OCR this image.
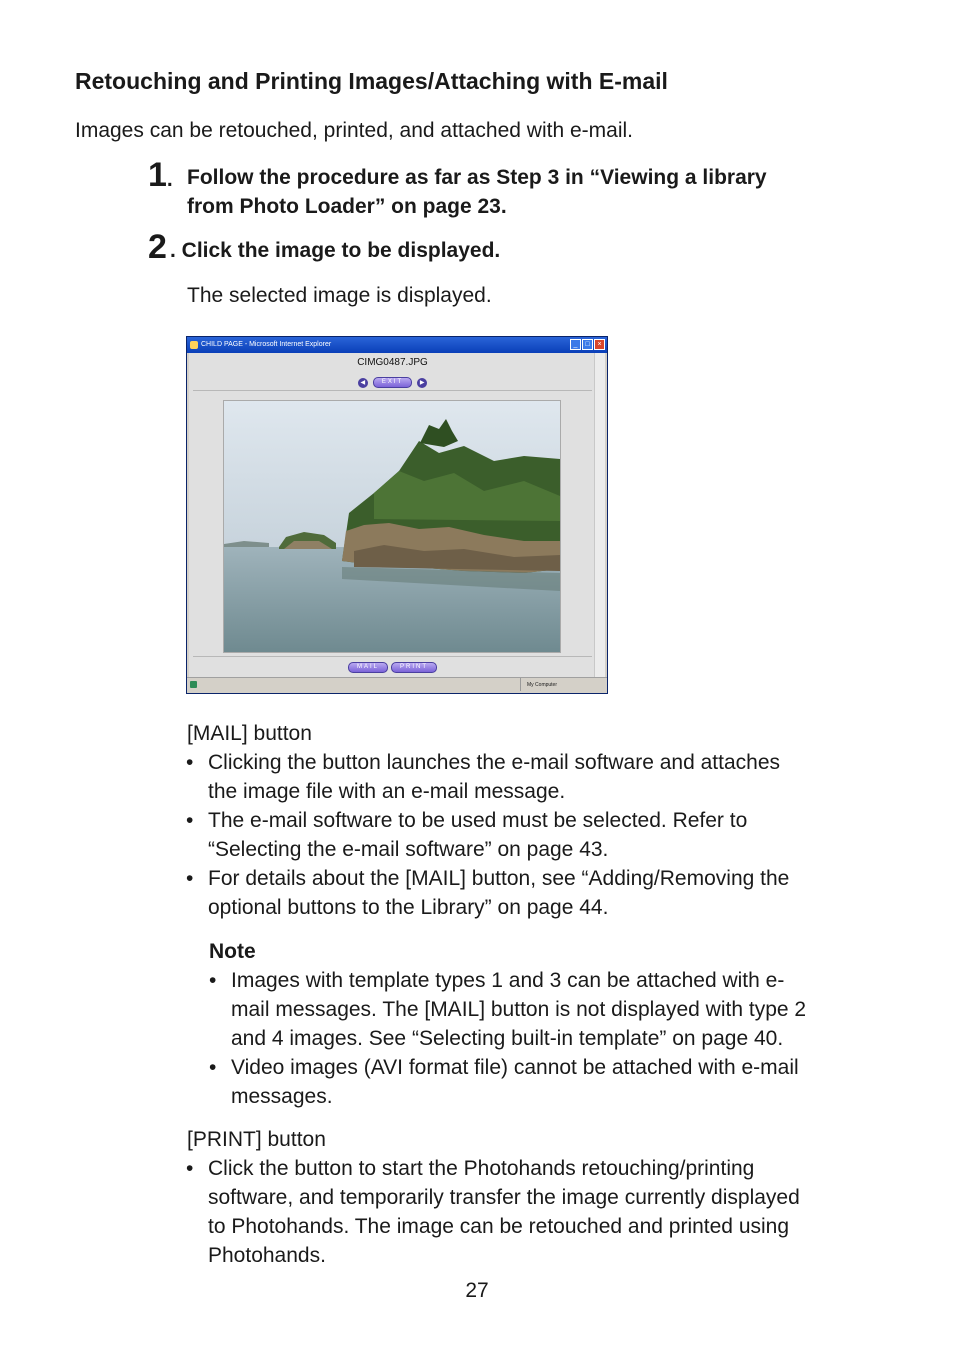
Retouching and Printing Images/Attaching with E-mail
Images can be retouched, printed, and attached with e-mail.
1. Follow the procedure as far as Step 3 in “Viewing a library
from Photo Loader” on page 23.
2 . Click the image to be displayed.
The selected image is displayed.
CHILD PAGE - Microsoft Internet Explorer	_	□	×
CIMG0487.JPG
◀	EXIT	▶
MAIL	PRINT
My Computer
[MAIL] button
• Clicking the button launches the e-mail software and attaches
the image file with an e-mail message.
• The e-mail software to be used must be selected. Refer to
“Selecting the e-mail software” on page 43.
• For details about the [MAIL] button, see “Adding/Removing the
optional buttons to the Library” on page 44.
Note
• Images with template types 1 and 3 can be attached with e-
mail messages. The [MAIL] button is not displayed with type 2
and 4 images. See “Selecting built-in template” on page 40.
• Video images (AVI format file) cannot be attached with e-mail
messages.
[PRINT] button
• Click the button to start the Photohands retouching/printing
software, and temporarily transfer the image currently displayed
to Photohands. The image can be retouched and printed using
Photohands.
27
